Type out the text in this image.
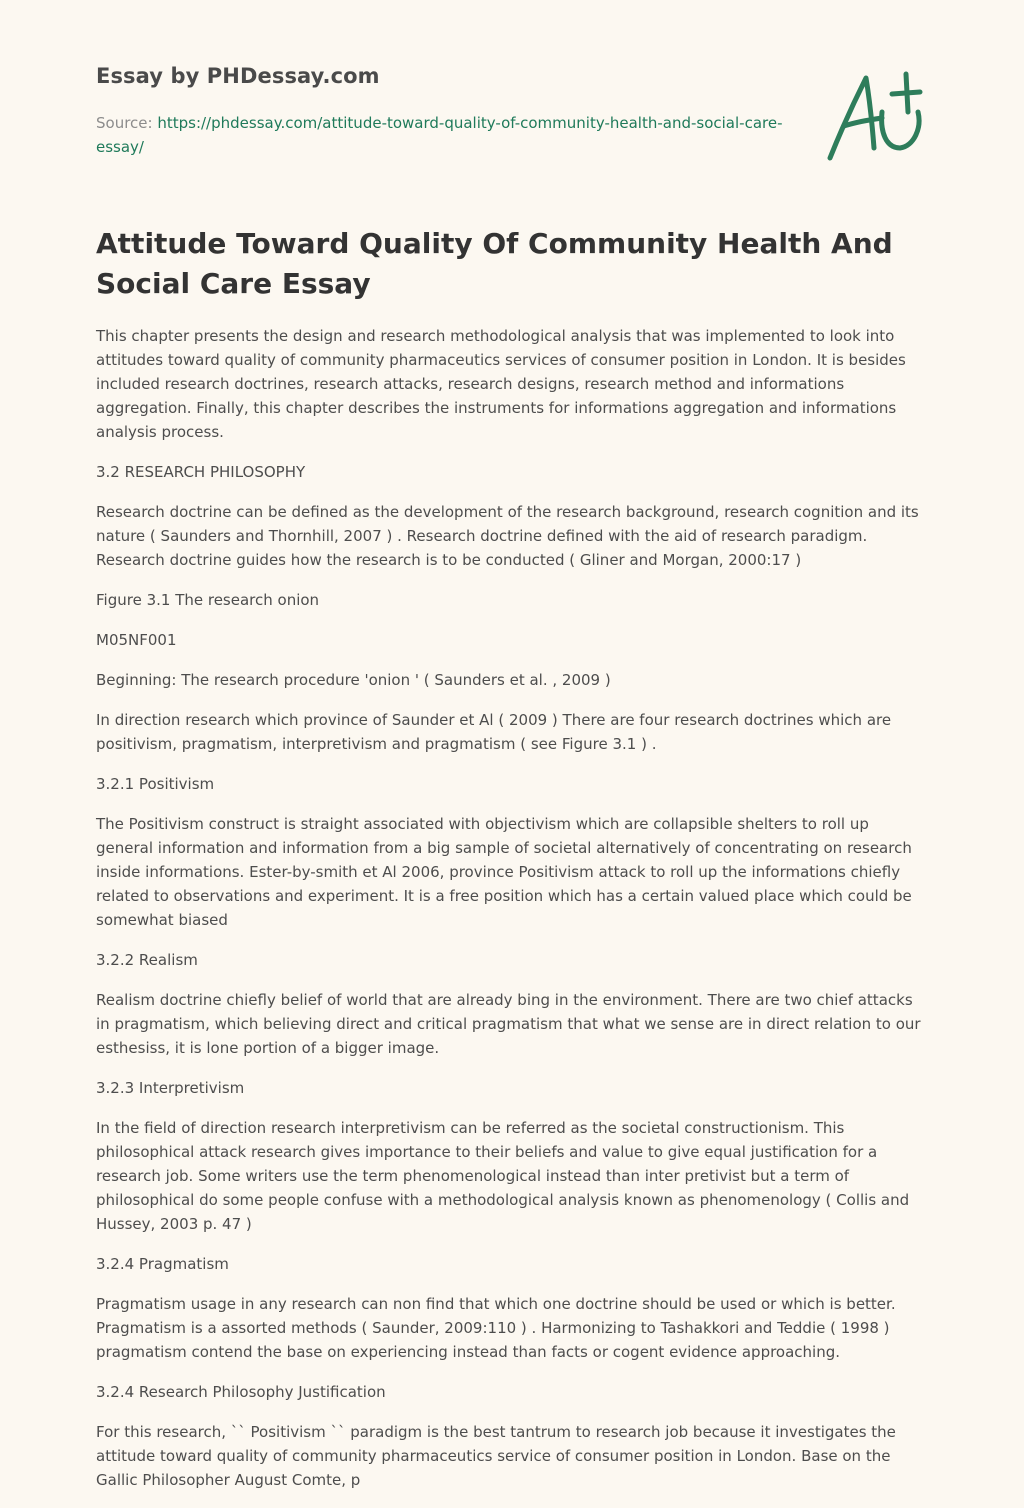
Essay by PHDessay.com
Source: https://phdessay.com/attitude-toward-quality-of-community-health-and-social-care-essay/
Attitude Toward Quality Of Community Health And Social Care Essay

This chapter presents the design and research methodological analysis that was implemented to look into attitudes toward quality of community pharmaceutics services of consumer position in London. It is besides included research doctrines, research attacks, research designs, research method and informations aggregation. Finally, this chapter describes the instruments for informations aggregation and informations analysis process.

3.2 RESEARCH PHILOSOPHY

Research doctrine can be defined as the development of the research background, research cognition and its nature ( Saunders and Thornhill, 2007 ) . Research doctrine defined with the aid of research paradigm. Research doctrine guides how the research is to be conducted ( Gliner and Morgan, 2000:17 )

Figure 3.1 The research onion

M05NF001

Beginning: The research procedure 'onion ' ( Saunders et al. , 2009 )

In direction research which province of Saunder et Al ( 2009 ) There are four research doctrines which are positivism, pragmatism, interpretivism and pragmatism ( see Figure 3.1 ) .

3.2.1 Positivism

The Positivism construct is straight associated with objectivism which are collapsible shelters to roll up general information and information from a big sample of societal alternatively of concentrating on research inside informations. Ester-by-smith et Al 2006, province Positivism attack to roll up the informations chiefly related to observations and experiment. It is a free position which has a certain valued place which could be somewhat biased

3.2.2 Realism

Realism doctrine chiefly belief of world that are already bing in the environment. There are two chief attacks in pragmatism, which believing direct and critical pragmatism that what we sense are in direct relation to our esthesiss, it is lone portion of a bigger image.

3.2.3 Interpretivism

In the field of direction research interpretivism can be referred as the societal constructionism. This philosophical attack research gives importance to their beliefs and value to give equal justification for a research job. Some writers use the term phenomenological instead than inter pretivist but a term of philosophical do some people confuse with a methodological analysis known as phenomenology ( Collis and Hussey, 2003 p. 47 )

3.2.4 Pragmatism

Pragmatism usage in any research can non find that which one doctrine should be used or which is better. Pragmatism is a assorted methods ( Saunder, 2009:110 ) . Harmonizing to Tashakkori and Teddie ( 1998 ) pragmatism contend the base on experiencing instead than facts or cogent evidence approaching.

3.2.4 Research Philosophy Justification

For this research, `` Positivism `` paradigm is the best tantrum to research job because it investigates the attitude toward quality of community pharmaceutics service of consumer position in London. Base on the Gallic Philosopher August Comte, p
